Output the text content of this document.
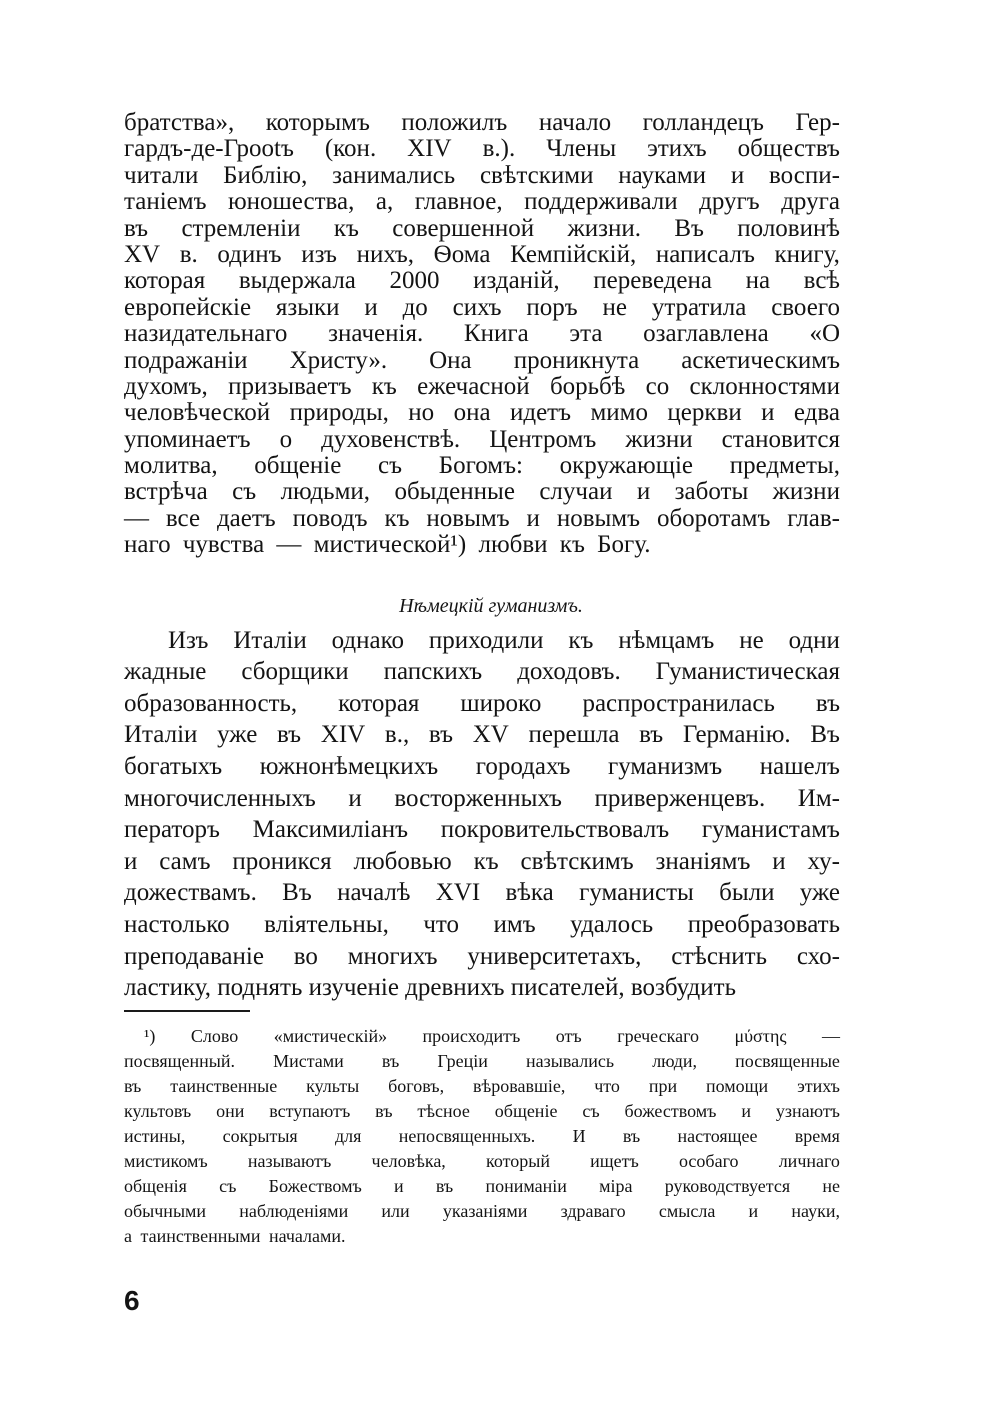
братства», которымъ положилъ начало голландецъ Гер-
гардъ-де-Грootъ (кон. XIV в.). Члены этихъ обществъ
читали Библію, занимались свѣтскими науками и воспи-
таніемъ юношества, а, главное, поддерживали другъ друга
въ стремленіи къ совершенной жизни. Въ половинѣ
XV в. одинъ изъ нихъ, Ѳома Кемпійскій, написалъ книгу,
которая выдержала 2000 изданій, переведена на всѣ
европейскіе языки и до сихъ поръ не утратила своего
назидательнаго значенія. Книга эта озаглавлена «О
подражаніи Христу». Она проникнута аскетическимъ
духомъ, призываетъ къ ежечасной борьбѣ со склонностями
человѣческой природы, но она идетъ мимо церкви и едва
упоминаетъ о духовенствѣ. Центромъ жизни становится
молитва, общеніе съ Богомъ: окружающіе предметы,
встрѣча съ людьми, обыденные случаи и заботы жизни
— все даетъ поводъ къ новымъ и новымъ оборотамъ глав-
наго чувства — мистической¹) любви къ Богу.
Нѣмецкій гуманизмъ.
Изъ Италіи однако приходили къ нѣмцамъ не одни
жадные сборщики папскихъ доходовъ. Гуманистическая
образованность, которая широко распространилась въ
Италіи уже въ XIV в., въ XV перешла въ Германію. Въ
богатыхъ южнонѣмецкихъ городахъ гуманизмъ нашелъ
многочисленныхъ и восторженныхъ приверженцевъ. Им-
ператоръ Максимиліанъ покровительствовалъ гуманистамъ
и самъ проникся любовью къ свѣтскимъ знаніямъ и ху-
дожествамъ. Въ началѣ XVI вѣка гуманисты были уже
настолько вліятельны, что имъ удалось преобразовать
преподаваніе во многихъ университетахъ, стѣснить схо-
ластику, поднять изученіе древнихъ писателей, возбудить
¹) Слово «мистическій» происходитъ отъ греческаго μύστης —
посвященный. Мистами въ Греціи назывались люди, посвященные
въ таинственные культы боговъ, вѣровавшіе, что при помощи этихъ
культовъ они вступаютъ въ тѣсное общеніе съ божествомъ и узнаютъ
истины, сокрытыя для непосвященныхъ. И въ настоящее время
мистикомъ называютъ человѣка, который ищетъ особаго личнаго
общенія съ Божествомъ и въ пониманіи міра руководствуется не
обычными наблюденіями или указаніями здраваго смысла и науки,
а таинственными началами.
6
